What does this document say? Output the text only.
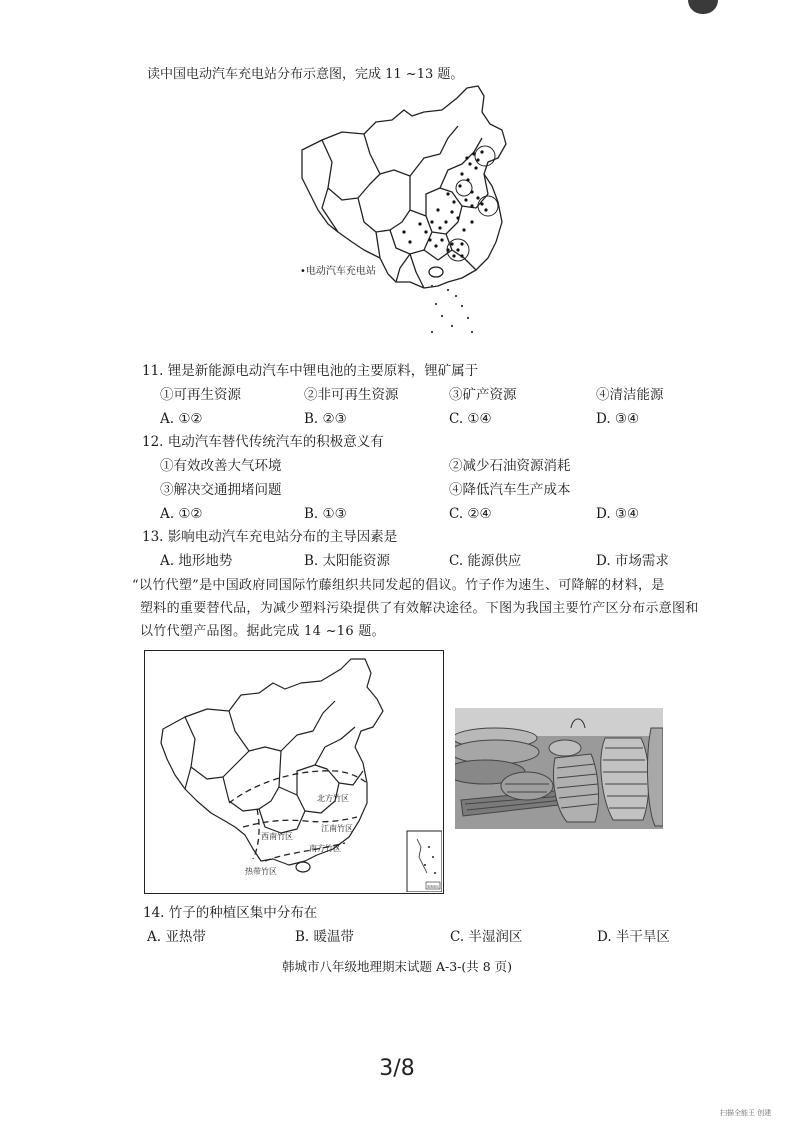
读中国电动汽车充电站分布示意图，完成 11 ~13 题。
•电动汽车充电站
11. 锂是新能源电动汽车中锂电池的主要原料，锂矿属于
①可再生资源	②非可再生资源	③矿产资源	④清洁能源
A. ①②	B. ②③	C. ①④	D. ③④
12. 电动汽车替代传统汽车的积极意义有
①有效改善大气环境	②减少石油资源消耗
③解决交通拥堵问题	④降低汽车生产成本
A. ①②	B. ①③	C. ②④	D. ③④
13. 影响电动汽车充电站分布的主导因素是
A. 地形地势	B. 太阳能资源	C. 能源供应	D. 市场需求
“以竹代塑”是中国政府同国际竹藤组织共同发起的倡议。竹子作为速生、可降解的材料，是
塑料的重要替代品，为减少塑料污染提供了有效解决途径。下图为我国主要竹产区分布示意图和
以竹代塑产品图。据此完成 14 ~16 题。
北方竹区
江南竹区
西南竹区
南方竹区
热带竹区
南海诸岛
14. 竹子的种植区集中分布在
A. 亚热带	B. 暖温带	C. 半湿润区	D. 半干旱区
韩城市八年级地理期末试题 A-3-(共 8 页)
3/8
扫描全能王 创建
